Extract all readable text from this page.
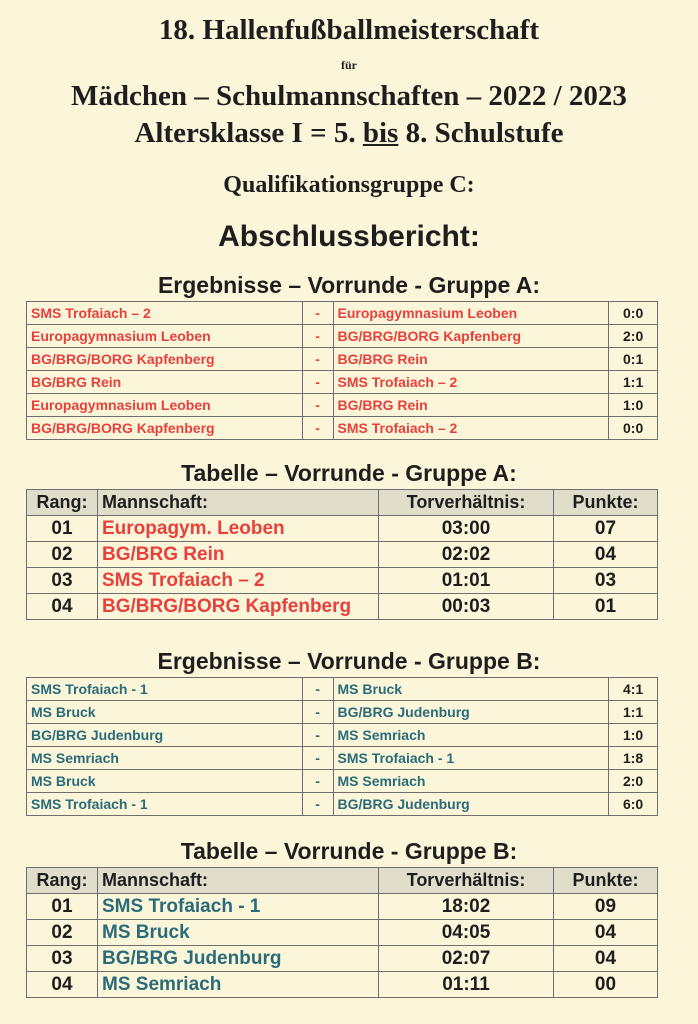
18. Hallenfußballmeisterschaft
für
Mädchen – Schulmannschaften – 2022 / 2023
Altersklasse I = 5. bis 8. Schulstufe
Qualifikationsgruppe C:
Abschlussbericht:
Ergebnisse – Vorrunde - Gruppe A:
SMS Trofaiach – 2	-	Europagymnasium Leoben	0:0
Europagymnasium Leoben	-	BG/BRG/BORG Kapfenberg	2:0
BG/BRG/BORG Kapfenberg	-	BG/BRG Rein	0:1
BG/BRG Rein	-	SMS Trofaiach – 2	1:1
Europagymnasium Leoben	-	BG/BRG Rein	1:0
BG/BRG/BORG Kapfenberg	-	SMS Trofaiach – 2	0:0
Tabelle – Vorrunde - Gruppe A:
Rang:	Mannschaft:	Torverhältnis:	Punkte:
01	Europagym. Leoben	03:00	07
02	BG/BRG Rein	02:02	04
03	SMS Trofaiach – 2	01:01	03
04	BG/BRG/BORG Kapfenberg	00:03	01
Ergebnisse – Vorrunde - Gruppe B:
SMS Trofaiach - 1	-	MS Bruck	4:1
MS Bruck	-	BG/BRG Judenburg	1:1
BG/BRG Judenburg	-	MS Semriach	1:0
MS Semriach	-	SMS Trofaiach - 1	1:8
MS Bruck	-	MS Semriach	2:0
SMS Trofaiach - 1	-	BG/BRG Judenburg	6:0
Tabelle – Vorrunde - Gruppe B:
Rang:	Mannschaft:	Torverhältnis:	Punkte:
01	SMS Trofaiach - 1	18:02	09
02	MS Bruck	04:05	04
03	BG/BRG Judenburg	02:07	04
04	MS Semriach	01:11	00
